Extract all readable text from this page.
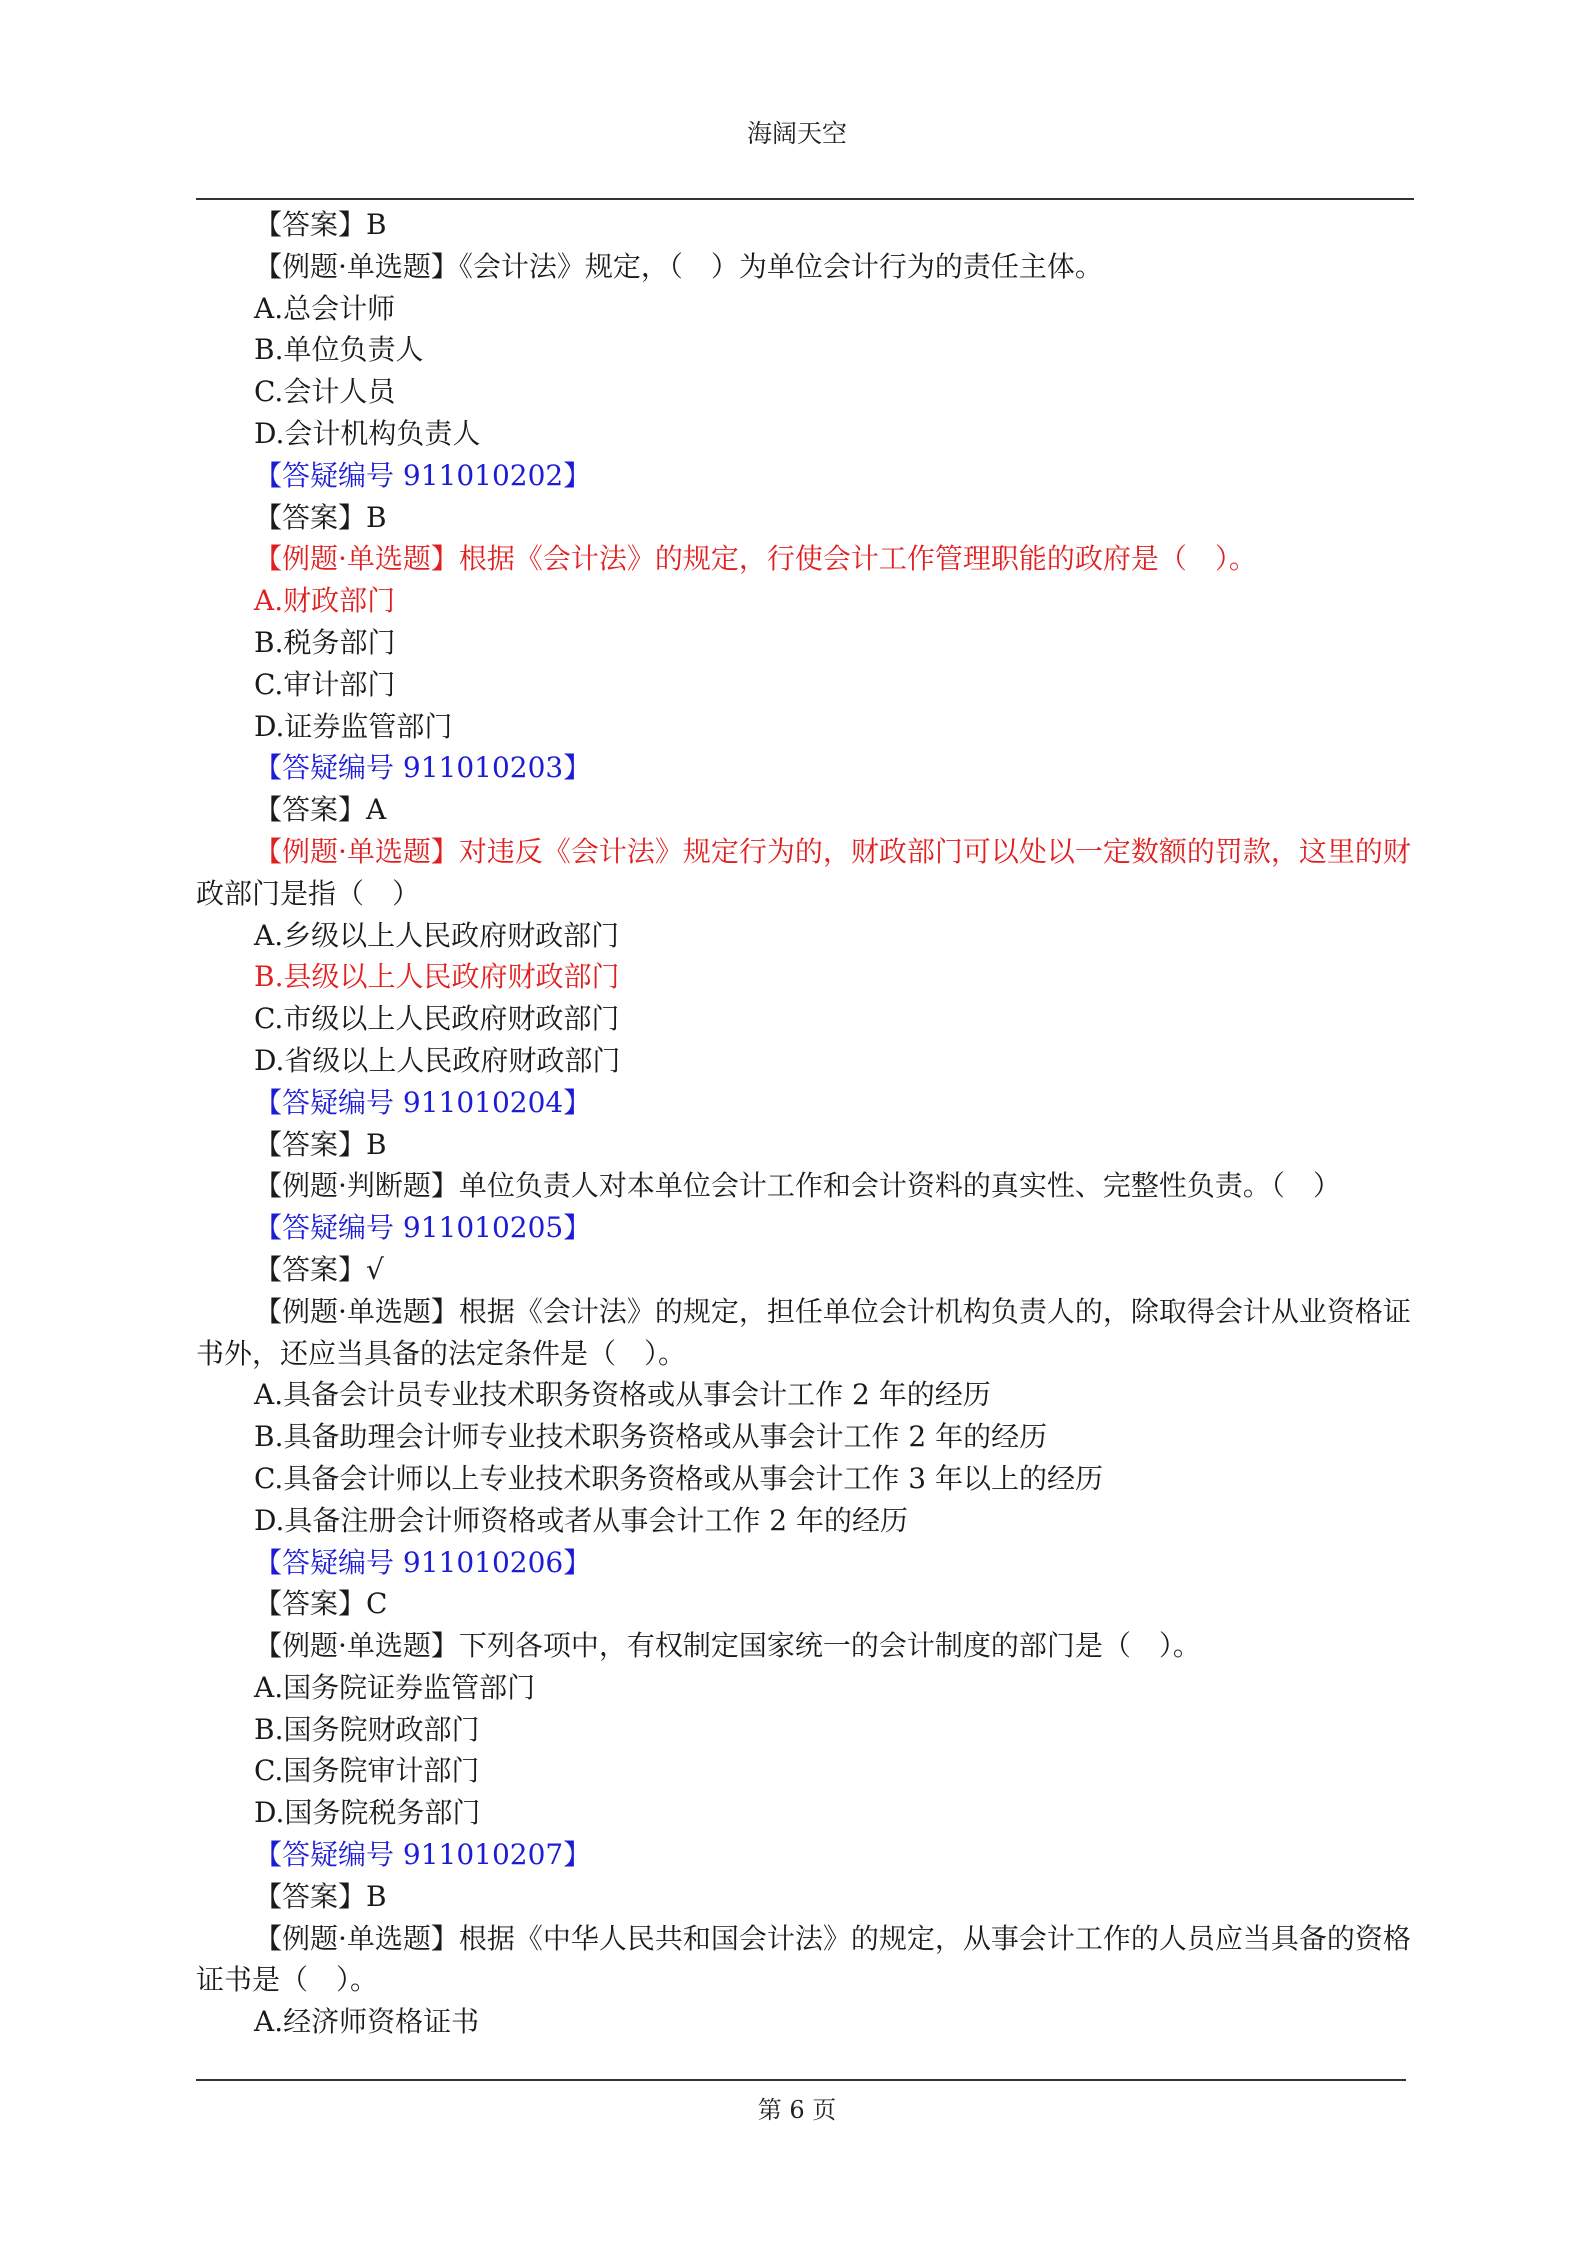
海阔天空
【答案】B
【例题·单选题】《会计法》规定，（　）为单位会计行为的责任主体。
A.总会计师
B.单位负责人
C.会计人员
D.会计机构负责人
【答疑编号 911010202】
【答案】B
【例题·单选题】根据《会计法》的规定，行使会计工作管理职能的政府是（　）。
A.财政部门
B.税务部门
C.审计部门
D.证券监管部门
【答疑编号 911010203】
【答案】A
【例题·单选题】对违反《会计法》规定行为的，财政部门可以处以一定数额的罚款，这里的财
政部门是指（　）
A.乡级以上人民政府财政部门
B.县级以上人民政府财政部门
C.市级以上人民政府财政部门
D.省级以上人民政府财政部门
【答疑编号 911010204】
【答案】B
【例题·判断题】单位负责人对本单位会计工作和会计资料的真实性、完整性负责。（　）
【答疑编号 911010205】
【答案】√
【例题·单选题】根据《会计法》的规定，担任单位会计机构负责人的，除取得会计从业资格证
书外，还应当具备的法定条件是（　）。
A.具备会计员专业技术职务资格或从事会计工作 2 年的经历
B.具备助理会计师专业技术职务资格或从事会计工作 2 年的经历
C.具备会计师以上专业技术职务资格或从事会计工作 3 年以上的经历
D.具备注册会计师资格或者从事会计工作 2 年的经历
【答疑编号 911010206】
【答案】C
【例题·单选题】下列各项中，有权制定国家统一的会计制度的部门是（　）。
A.国务院证券监管部门
B.国务院财政部门
C.国务院审计部门
D.国务院税务部门
【答疑编号 911010207】
【答案】B
【例题·单选题】根据《中华人民共和国会计法》的规定，从事会计工作的人员应当具备的资格
证书是（　）。
A.经济师资格证书
第 6 页
